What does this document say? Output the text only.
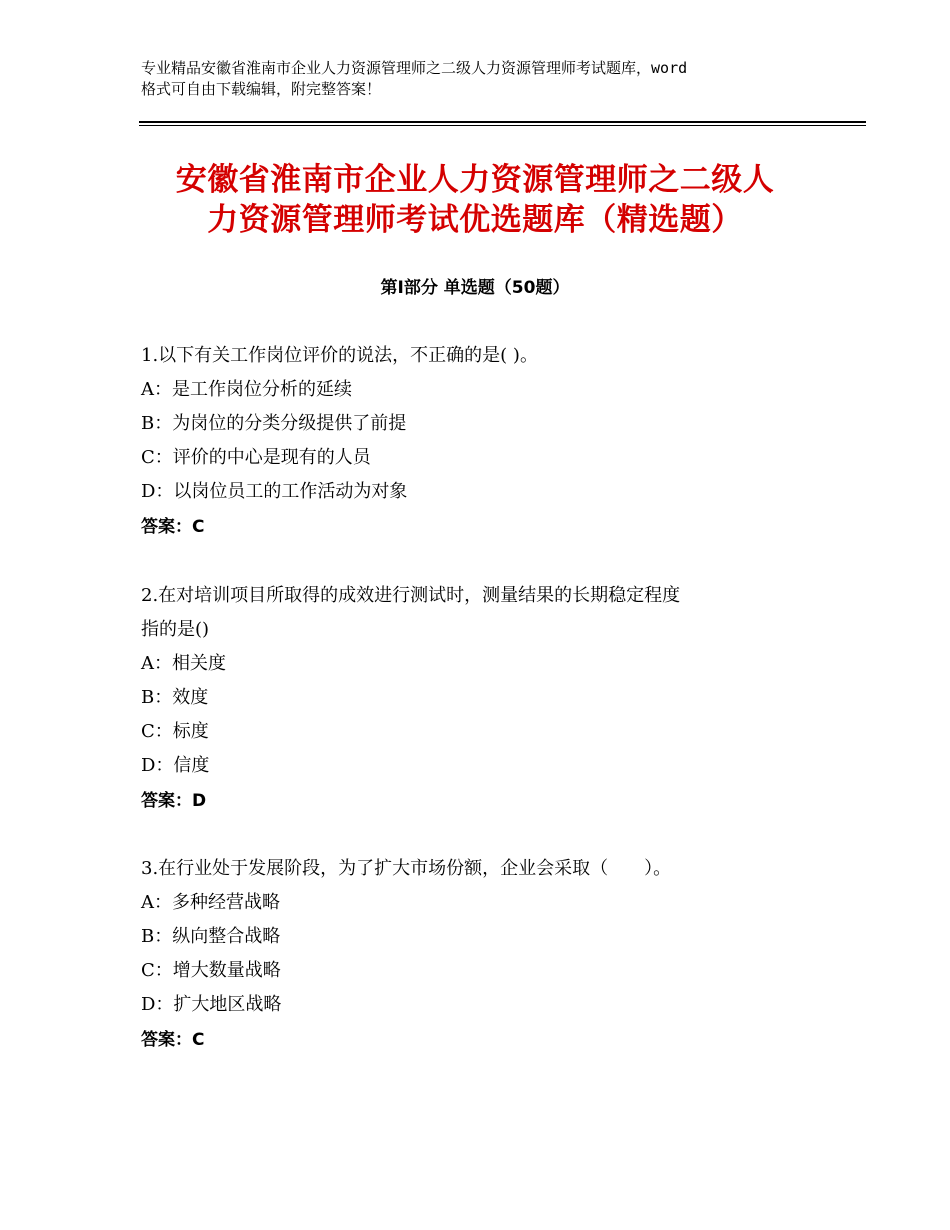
专业精品安徽省淮南市企业人力资源管理师之二级人力资源管理师考试题库，word
格式可自由下载编辑，附完整答案！
安徽省淮南市企业人力资源管理师之二级人
力资源管理师考试优选题库（精选题）
第Ⅰ部分 单选题（50题）
1.以下有关工作岗位评价的说法，不正确的是( )。
A：是工作岗位分析的延续
B：为岗位的分类分级提供了前提
C：评价的中心是现有的人员
D：以岗位员工的工作活动为对象
答案：C
2.在对培训项目所取得的成效进行测试时，测量结果的长期稳定程度
指的是()
A：相关度
B：效度
C：标度
D：信度
答案：D
3.在行业处于发展阶段，为了扩大市场份额，企业会采取（　　）。
A：多种经营战略
B：纵向整合战略
C：增大数量战略
D：扩大地区战略
答案：C
